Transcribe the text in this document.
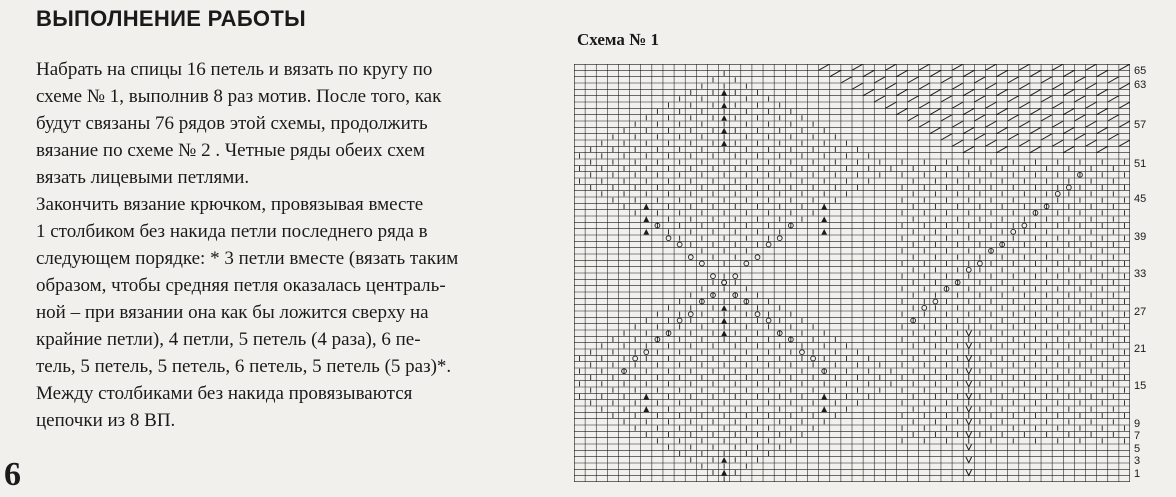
ВЫПОЛНЕНИЕ РАБОТЫ
Набрать на спицы 16 петель и вязать по кругу по
схеме № 1, выполнив 8 раз мотив. После того, как
будут связаны 76 рядов этой схемы, продолжить
вязание по схеме № 2 . Четные ряды обеих схем
вязать лицевыми петлями.
Закончить вязание крючком, провязывая вместе
1 столбиком без накида петли последнего ряда в
следующем порядке: * 3 петли вместе (вязать таким
образом, чтобы средняя петля оказалась централь-
ной – при вязании она как бы ложится сверху на
крайние петли), 4 петли, 5 петель (4 раза), 6 пе-
тель, 5 петель, 5 петель, 6 петель, 5 петель (5 раз)*.
Между столбиками без накида провязываются
цепочки из 8 ВП.
6
Схема № 1
65
63
57
51
45
39
33
27
21
15
9
7
5
3
1
